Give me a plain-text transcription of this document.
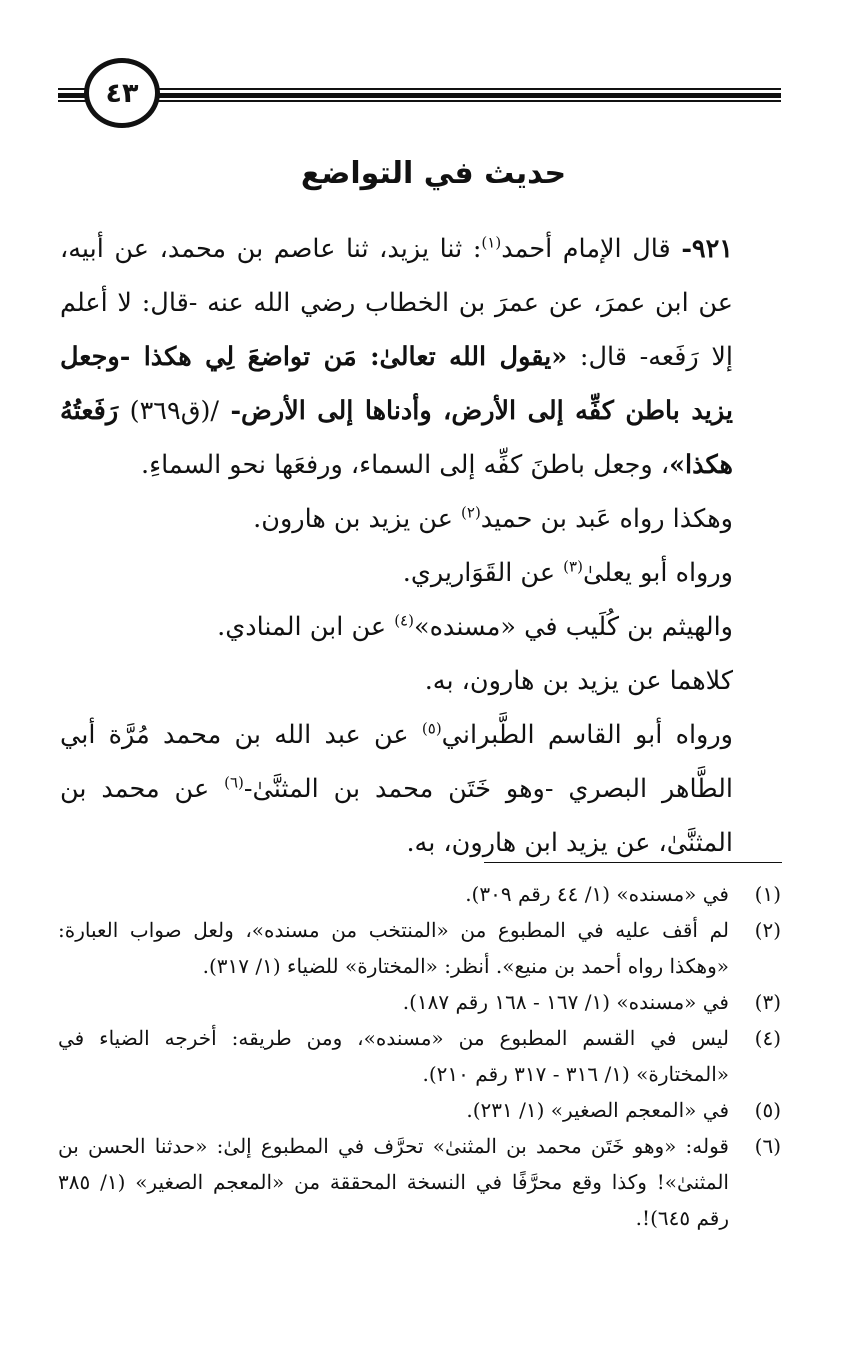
٤٣
حديث في التواضع

٩٢١- قال الإمام أحمد$^{(١)}$: ثنا يزيد، ثنا عاصم بن محمد، عن أبيه، عن ابن عمرَ، عن عمرَ بن الخطاب رضي الله عنه -قال: لا أعلم إلا رَفَعه- قال: «يقول الله تعالىٰ: مَن تواضعَ لِي هكذا -وجعل يزيد باطن كفِّه إلى الأرض، وأدناها إلى الأرض- /(ق٣٦٩) رَفَعتُهُ هكذا»، وجعل باطنَ كفِّه إلى السماء، ورفعَها نحو السماءِ.

وهكذا رواه عَبد بن حميد$^{(٢)}$ عن يزيد بن هارون.

ورواه أبو يعلىٰ$^{(٣)}$ عن القَوَاريري.

والهيثم بن كُلَيب في «مسنده»$^{(٤)}$ عن ابن المنادي.

كلاهما عن يزيد بن هارون، به.

ورواه أبو القاسم الطَّبراني$^{(٥)}$ عن عبد الله بن محمد مُرَّة أبي الطَّاهر البصري -وهو خَتَن محمد بن المثنَّىٰ-$^{(٦)}$ عن محمد بن المثنَّىٰ، عن يزيد ابن هارون، به.

(١)
في «مسنده» (١/ ٤٤ رقم ٣٠٩).
(٢)
لم أقف عليه في المطبوع من «المنتخب من مسنده»، ولعل صواب العبارة: «وهكذا رواه أحمد بن منيع». أنظر: «المختارة» للضياء (١/ ٣١٧).
(٣)
في «مسنده» (١/ ١٦٧ - ١٦٨ رقم ١٨٧).
(٤)
ليس في القسم المطبوع من «مسنده»، ومن طريقه: أخرجه الضياء في «المختارة» (١/ ٣١٦ - ٣١٧ رقم ٢١٠).
(٥)
في «المعجم الصغير» (١/ ٢٣١).
(٦)
قوله: «وهو خَتَن محمد بن المثنىٰ» تحرَّف في المطبوع إلىٰ: «حدثنا الحسن بن المثنىٰ»! وكذا وقع محرَّفًا في النسخة المحققة من «المعجم الصغير» (١/ ٣٨٥ رقم ٦٤٥)!.
